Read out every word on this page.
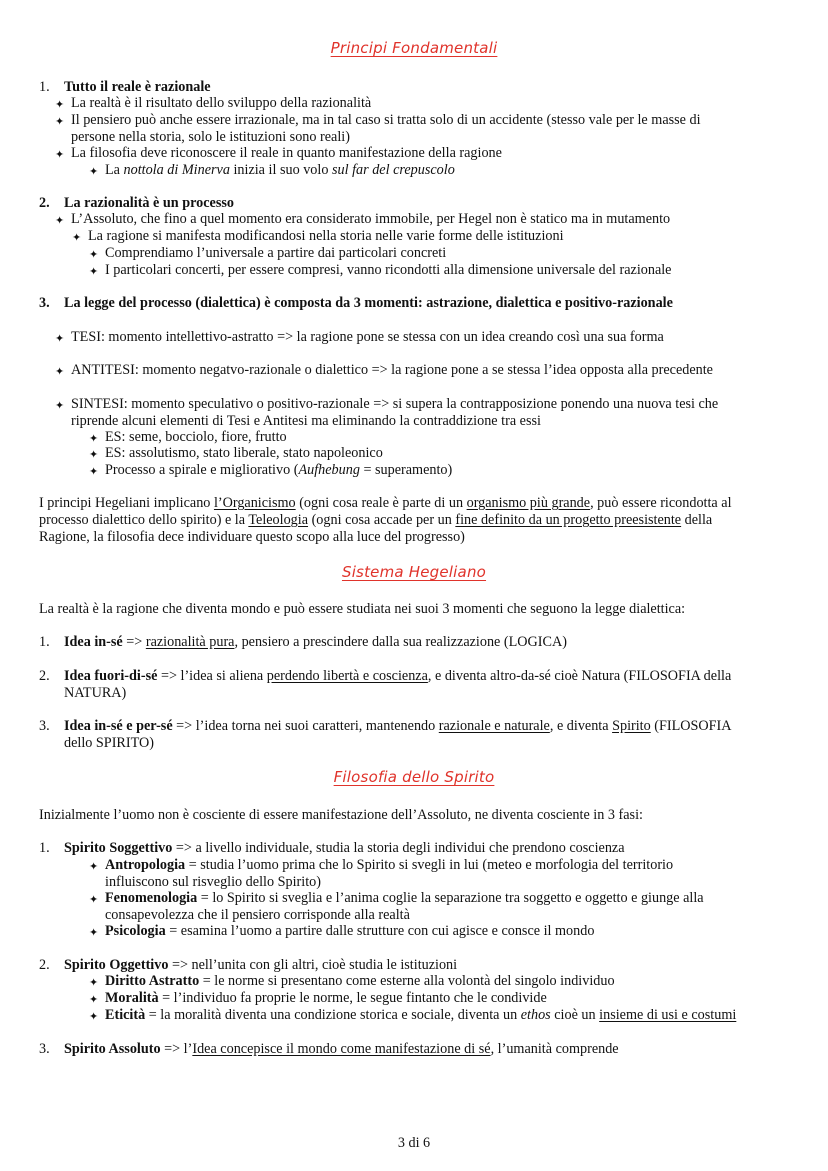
Principi Fondamentali
1. Tutto il reale è razionale
✦ La realtà è il risultato dello sviluppo della razionalità
✦ Il pensiero può anche essere irrazionale, ma in tal caso si tratta solo di un accidente (stesso vale per le masse di
persone nella storia, solo le istituzioni sono reali)
✦ La filosofia deve riconoscere il reale in quanto manifestazione della ragione
✦ La nottola di Minerva inizia il suo volo sul far del crepuscolo
2. La razionalità è un processo
✦ L’Assoluto, che fino a quel momento era considerato immobile, per Hegel non è statico ma in mutamento
✦ La ragione si manifesta modificandosi nella storia nelle varie forme delle istituzioni
✦ Comprendiamo l’universale a partire dai particolari concreti
✦ I particolari concerti, per essere compresi, vanno ricondotti alla dimensione universale del razionale
3. La legge del processo (dialettica) è composta da 3 momenti: astrazione, dialettica e positivo-razionale
✦ TESI: momento intellettivo-astratto => la ragione pone se stessa con un idea creando così una sua forma
✦ ANTITESI: momento negatvo-razionale o dialettico => la ragione pone a se stessa l’idea opposta alla precedente
✦ SINTESI: momento speculativo o positivo-razionale => si supera la contrapposizione ponendo una nuova tesi che
riprende alcuni elementi di Tesi e Antitesi ma eliminando la contraddizione tra essi
✦ ES: seme, bocciolo, fiore, frutto
✦ ES: assolutismo, stato liberale, stato napoleonico
✦ Processo a spirale e migliorativo (Aufhebung = superamento)
I principi Hegeliani implicano l’Organicismo (ogni cosa reale è parte di un organismo più grande, può essere ricondotta al
processo dialettico dello spirito) e la Teleologia (ogni cosa accade per un fine definito da un progetto preesistente della
Ragione, la filosofia dece individuare questo scopo alla luce del progresso)
Sistema Hegeliano
La realtà è la ragione che diventa mondo e può essere studiata nei suoi 3 momenti che seguono la legge dialettica:
1. Idea in-sé => razionalità pura, pensiero a prescindere dalla sua realizzazione (LOGICA)
2. Idea fuori-di-sé => l’idea si aliena perdendo libertà e coscienza, e diventa altro-da-sé cioè Natura (FILOSOFIA della
NATURA)
3. Idea in-sé e per-sé => l’idea torna nei suoi caratteri, mantenendo razionale e naturale, e diventa Spirito (FILOSOFIA
dello SPIRITO)
Filosofia dello Spirito
Inizialmente l’uomo non è cosciente di essere manifestazione dell’Assoluto, ne diventa cosciente in 3 fasi:
1. Spirito Soggettivo => a livello individuale, studia la storia degli individui che prendono coscienza
✦ Antropologia = studia l’uomo prima che lo Spirito si svegli in lui (meteo e morfologia del territorio
influiscono sul risveglio dello Spirito)
✦ Fenomenologia = lo Spirito si sveglia e l’anima coglie la separazione tra soggetto e oggetto e giunge alla
consapevolezza che il pensiero corrisponde alla realtà
✦ Psicologia = esamina l’uomo a partire dalle strutture con cui agisce e consce il mondo
2. Spirito Oggettivo => nell’unita con gli altri, cioè studia le istituzioni
✦ Diritto Astratto = le norme si presentano come esterne alla volontà del singolo individuo
✦ Moralità = l’individuo fa proprie le norme, le segue fintanto che le condivide
✦ Eticità = la moralità diventa una condizione storica e sociale, diventa un ethos cioè un insieme di usi e costumi
3. Spirito Assoluto => l’Idea concepisce il mondo come manifestazione di sé, l’umanità comprende
3 di 6
